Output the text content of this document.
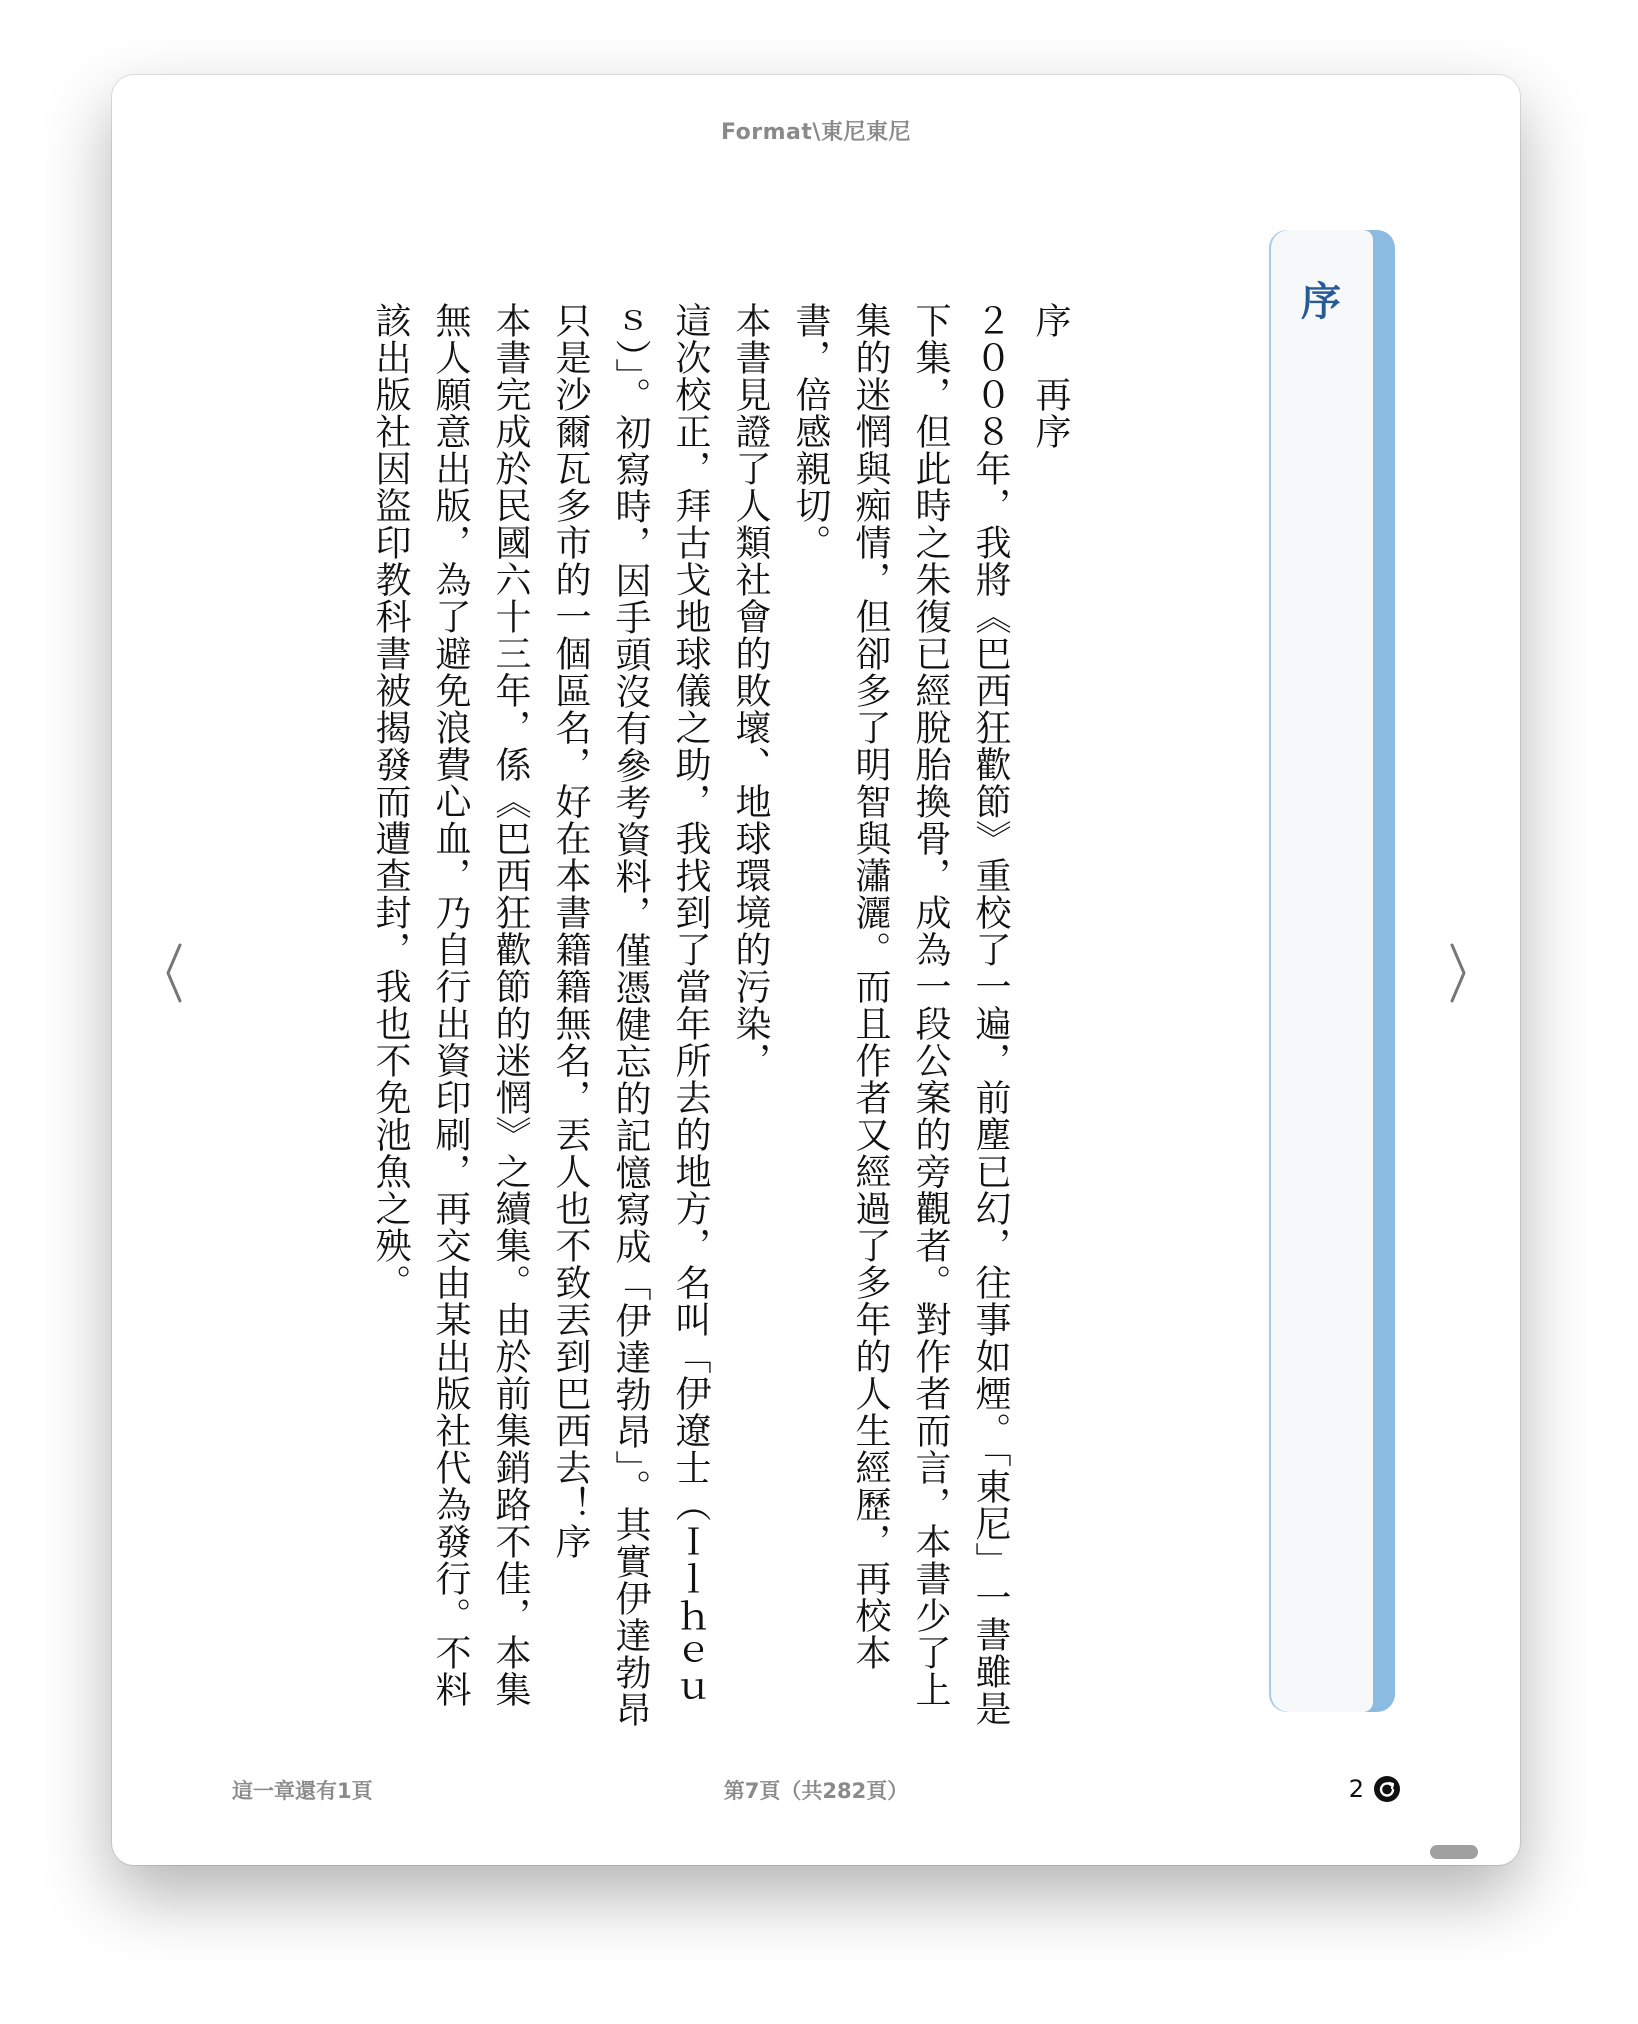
Format\東尼東尼
序

序　再序

２００８年，我將《巴西狂歡節》重校了一遍，前塵已幻，往事如煙。「東尼」一書雖是下集，但此時之朱復已經脫胎換骨，成為一段公案的旁觀者。對作者而言，本書少了上集的迷惘與痴情，但卻多了明智與瀟灑。而且作者又經過了多年的人生經歷，再校本書，倍感親切。

本書見證了人類社會的敗壞、地球環境的污染，

這次校正，拜古戈地球儀之助，我找到了當年所去的地方，名叫「伊遼士（Ｉｌｈｅｕｓ）」。初寫時，因手頭沒有參考資料，僅憑健忘的記憶寫成「伊達勃昂」。其實伊達勃昂只是沙爾瓦多市的一個區名，好在本書籍籍無名，丟人也不致丟到巴西去！序

本書完成於民國六十三年，係《巴西狂歡節的迷惘》之續集。由於前集銷路不佳，本集無人願意出版，為了避免浪費心血，乃自行出資印刷，再交由某出版社代為發行。不料該出版社因盜印教科書被揭發而遭查封，我也不免池魚之殃。

這一章還有1頁	第7頁（共282頁）	2
